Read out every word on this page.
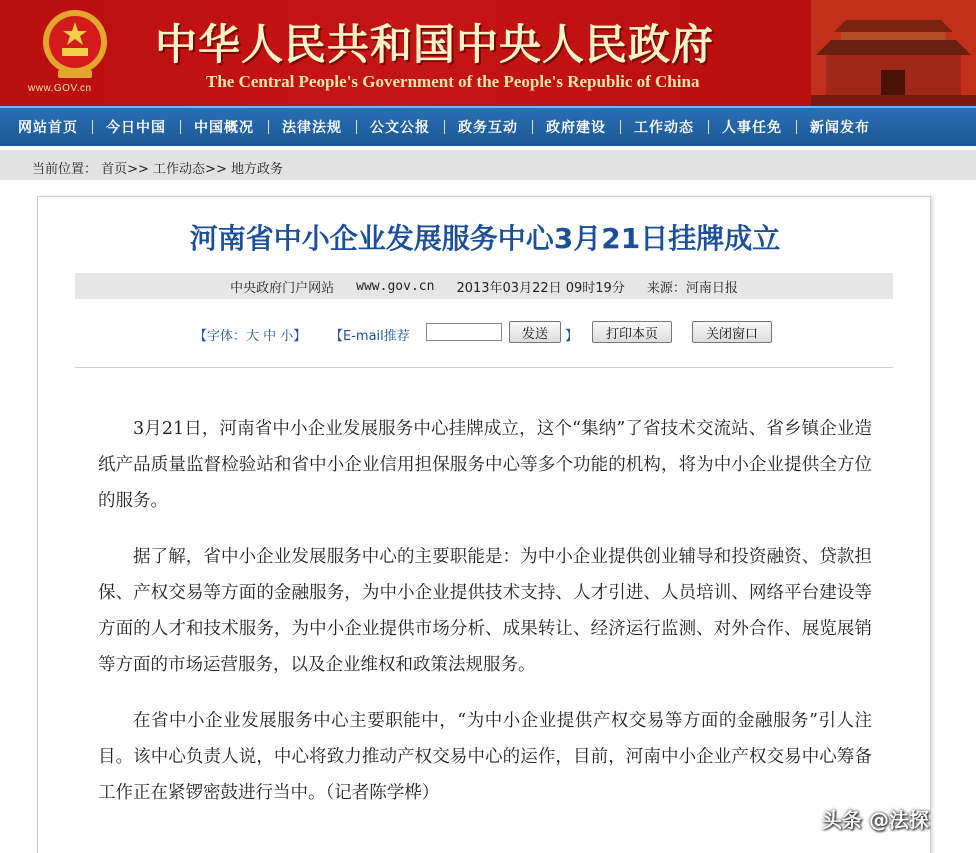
www.GOV.cn
中华人民共和国中央人民政府
The Central People's Government of the People's Republic of China
网站首页	今日中国	中国概况	法律法规	公文公报	政务互动	政府建设	工作动态	人事任免	新闻发布
当前位置： 首页>> 工作动态>> 地方政务
河南省中小企业发展服务中心3月21日挂牌成立
中央政府门户网站 www.gov.cn 2013年03月22日 09时19分 来源：河南日报
【字体：大 中 小】 【E-mail推荐	发送	】	打印本页	关闭窗口

3月21日，河南省中小企业发展服务中心挂牌成立，这个“集纳”了省技术交流站、省乡镇企业造纸产品质量监督检验站和省中小企业信用担保服务中心等多个功能的机构，将为中小企业提供全方位的服务。

据了解，省中小企业发展服务中心的主要职能是：为中小企业提供创业辅导和投资融资、贷款担保、产权交易等方面的金融服务，为中小企业提供技术支持、人才引进、人员培训、网络平台建设等方面的人才和技术服务，为中小企业提供市场分析、成果转让、经济运行监测、对外合作、展览展销等方面的市场运营服务，以及企业维权和政策法规服务。

在省中小企业发展服务中心主要职能中，“为中小企业提供产权交易等方面的金融服务”引人注目。该中心负责人说，中心将致力推动产权交易中心的运作，目前，河南中小企业产权交易中心筹备工作正在紧锣密鼓进行当中。（记者陈学桦）

头条 @法探
